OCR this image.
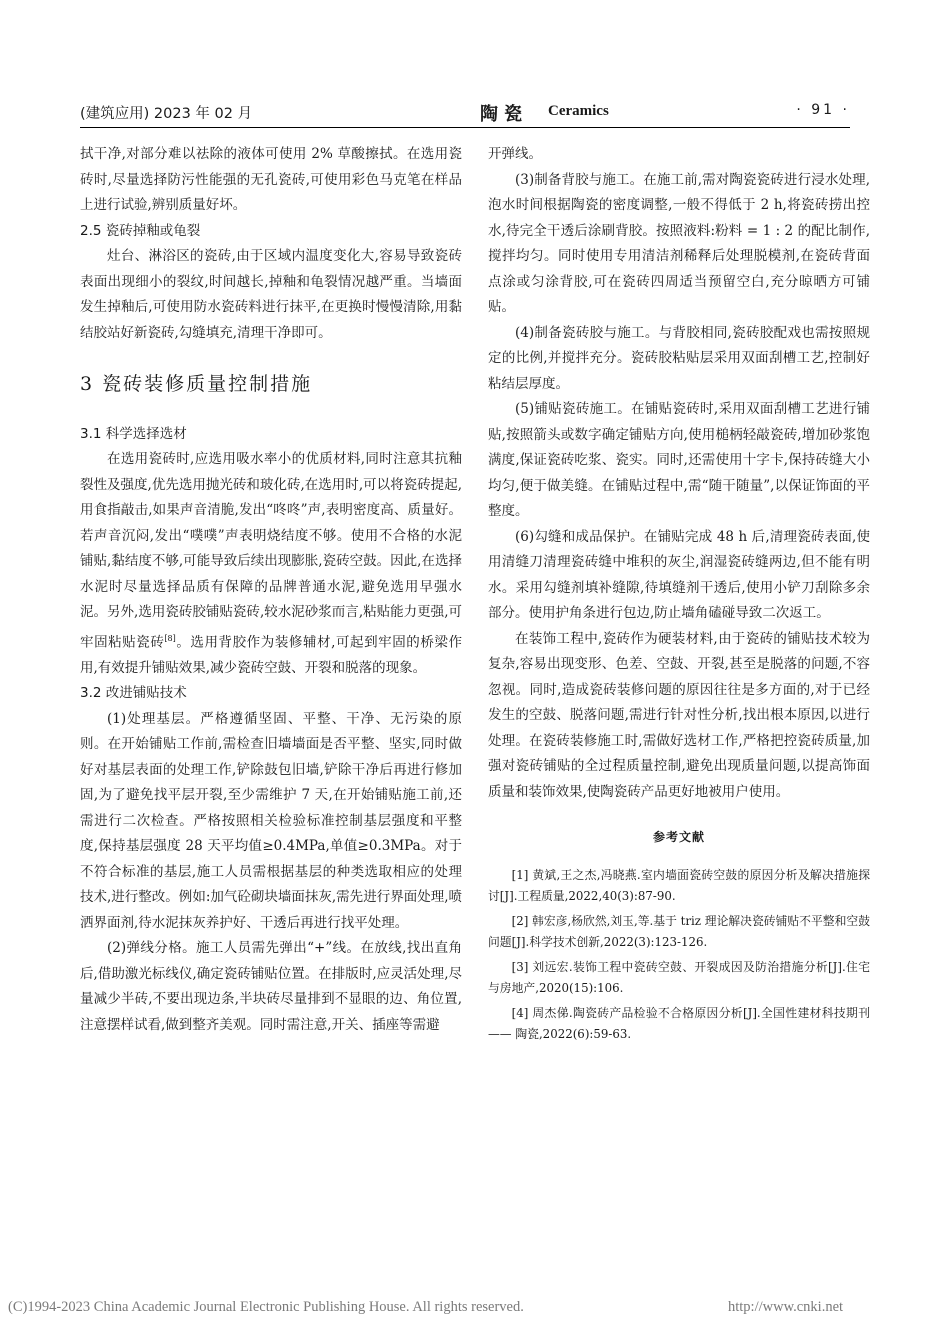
(建筑应用) 2023 年 02 月	陶瓷 Ceramics	· 91 ·

拭干净,对部分难以祛除的液体可使用 2% 草酸擦拭。在选用瓷砖时,尽量选择防污性能强的无孔瓷砖,可使用彩色马克笔在样品上进行试验,辨别质量好坏。

2.5 瓷砖掉釉或龟裂

灶台、淋浴区的瓷砖,由于区域内温度变化大,容易导致瓷砖表面出现细小的裂纹,时间越长,掉釉和龟裂情况越严重。当墙面发生掉釉后,可使用防水瓷砖料进行抹平,在更换时慢慢清除,用黏结胶站好新瓷砖,勾缝填充,清理干净即可。

3 瓷砖装修质量控制措施
3.1 科学选择选材

在选用瓷砖时,应选用吸水率小的优质材料,同时注意其抗釉裂性及强度,优先选用抛光砖和玻化砖,在选用时,可以将瓷砖提起,用食指敲击,如果声音清脆,发出“咚咚”声,表明密度高、质量好。若声音沉闷,发出“噗噗”声表明烧结度不够。使用不合格的水泥铺贴,黏结度不够,可能导致后续出现膨胀,瓷砖空鼓。因此,在选择水泥时尽量选择品质有保障的品牌普通水泥,避免选用早强水泥。另外,选用瓷砖胶铺贴瓷砖,较水泥砂浆而言,粘贴能力更强,可牢固粘贴瓷砖[8]。选用背胶作为装修辅材,可起到牢固的桥梁作用,有效提升铺贴效果,减少瓷砖空鼓、开裂和脱落的现象。

3.2 改进铺贴技术

(1)处理基层。严格遵循坚固、平整、干净、无污染的原则。在开始铺贴工作前,需检查旧墙墙面是否平整、坚实,同时做好对基层表面的处理工作,铲除鼓包旧墙,铲除干净后再进行修加固,为了避免找平层开裂,至少需维护 7 天,在开始铺贴施工前,还需进行二次检查。严格按照相关检验标准控制基层强度和平整度,保持基层强度 28 天平均值≥0.4MPa,单值≥0.3MPa。对于不符合标准的基层,施工人员需根据基层的种类选取相应的处理技术,进行整改。例如:加气砼砌块墙面抹灰,需先进行界面处理,喷洒界面剂,待水泥抹灰养护好、干透后再进行找平处理。

(2)弹线分格。施工人员需先弹出“+”线。在放线,找出直角后,借助激光标线仪,确定瓷砖铺贴位置。在排版时,应灵活处理,尽量减少半砖,不要出现边条,半块砖尽量排到不显眼的边、角位置,注意摆样试看,做到整齐美观。同时需注意,开关、插座等需避

开弹线。

(3)制备背胶与施工。在施工前,需对陶瓷瓷砖进行浸水处理,泡水时间根据陶瓷的密度调整,一般不得低于 2 h,将瓷砖捞出控水,待完全干透后涂刷背胶。按照液料:粉料 = 1 : 2 的配比制作,搅拌均匀。同时使用专用清洁剂稀释后处理脱模剂,在瓷砖背面点涂或匀涂背胶,可在瓷砖四周适当预留空白,充分晾晒方可铺贴。

(4)制备瓷砖胶与施工。与背胶相同,瓷砖胶配戏也需按照规定的比例,并搅拌充分。瓷砖胶粘贴层采用双面刮槽工艺,控制好粘结层厚度。

(5)铺贴瓷砖施工。在铺贴瓷砖时,采用双面刮槽工艺进行铺贴,按照箭头或数字确定铺贴方向,使用槌柄轻敲瓷砖,增加砂浆饱满度,保证瓷砖吃浆、瓷实。同时,还需使用十字卡,保持砖缝大小均匀,便于做美缝。在铺贴过程中,需“随干随量”,以保证饰面的平整度。

(6)勾缝和成品保护。在铺贴完成 48 h 后,清理瓷砖表面,使用清缝刀清理瓷砖缝中堆积的灰尘,润湿瓷砖缝两边,但不能有明水。采用勾缝剂填补缝隙,待填缝剂干透后,使用小铲刀刮除多余部分。使用护角条进行包边,防止墙角磕碰导致二次返工。

在装饰工程中,瓷砖作为硬装材料,由于瓷砖的铺贴技术较为复杂,容易出现变形、色差、空鼓、开裂,甚至是脱落的问题,不容忽视。同时,造成瓷砖装修问题的原因往往是多方面的,对于已经发生的空鼓、脱落问题,需进行针对性分析,找出根本原因,以进行处理。在瓷砖装修施工时,需做好选材工作,严格把控瓷砖质量,加强对瓷砖铺贴的全过程质量控制,避免出现质量问题,以提高饰面质量和装饰效果,使陶瓷砖产品更好地被用户使用。

参考文献
[1] 黄斌,王之杰,冯晓燕.室内墙面瓷砖空鼓的原因分析及解决措施探讨[J].工程质量,2022,40(3):87-90.
[2] 韩宏彦,杨欣然,刘玉,等.基于 triz 理论解决瓷砖铺贴不平整和空鼓问题[J].科学技术创新,2022(3):123-126.
[3] 刘远宏.装饰工程中瓷砖空鼓、开裂成因及防治措施分析[J].住宅与房地产,2020(15):106.
[4] 周杰俤.陶瓷砖产品检验不合格原因分析[J].全国性建材科技期刊—— 陶瓷,2022(6):59-63.
(C)1994-2023 China Academic Journal Electronic Publishing House. All rights reserved.	http://www.cnki.net
